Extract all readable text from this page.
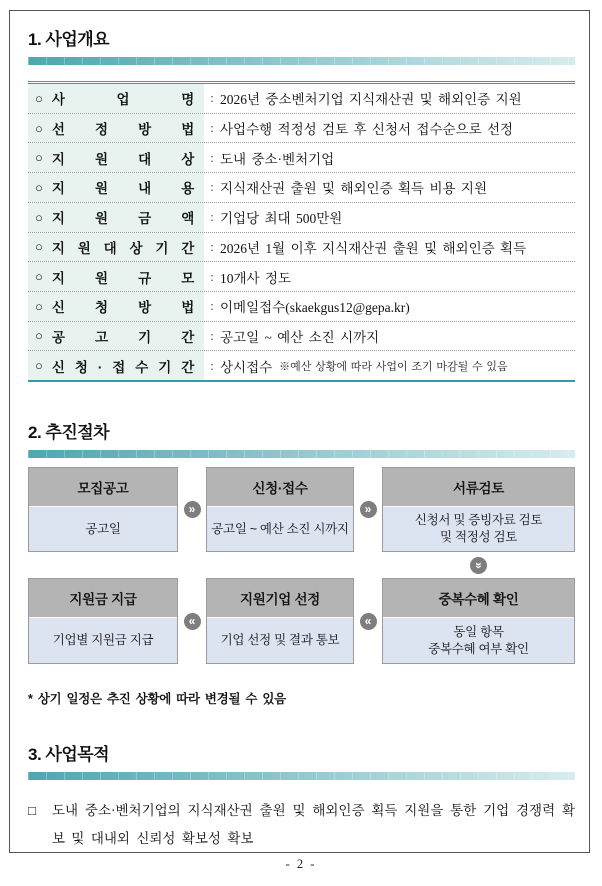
1. 사업개요
○ 사 업 명	: 2026년 중소벤처기업 지식재산권 및 해외인증 지원
○ 선 정 방 법	: 사업수행 적정성 검토 후 신청서 접수순으로 선정
○ 지 원 대 상	: 도내 중소·벤처기업
○ 지 원 내 용	: 지식재산권 출원 및 해외인증 획득 비용 지원
○ 지 원 금 액	: 기업당 최대 500만원
○ 지 원 대 상 기 간	: 2026년 1월 이후 지식재산권 출원 및 해외인증 획득
○ 지 원 규 모	: 10개사 정도
○ 신 청 방 법	: 이메일접수(skaekgus12@gepa.kr)
○ 공 고 기 간	: 공고일 ~ 예산 소진 시까지
○ 신 청 · 접 수 기 간	: 상시접수 ※예산 상황에 따라 사업이 조기 마감될 수 있음
2. 추진절차
모집공고
공고일
»
신청·접수
공고일 ~ 예산 소진 시까지
»
서류검토
신청서 및 증빙자료 검토
및 적정성 검토
»
지원금 지급
기업별 지원금 지급
«
지원기업 선정
기업 선정 및 결과 통보
«
중복수혜 확인
동일 항목
중복수혜 여부 확인
* 상기 일정은 추진 상황에 따라 변경될 수 있음
3. 사업목적
□	도내 중소·벤처기업의 지식재산권 출원 및 해외인증 획득 지원을 통한 기업 경쟁력 확보 및 대내외 신뢰성 확보성 확보
- 2 -
